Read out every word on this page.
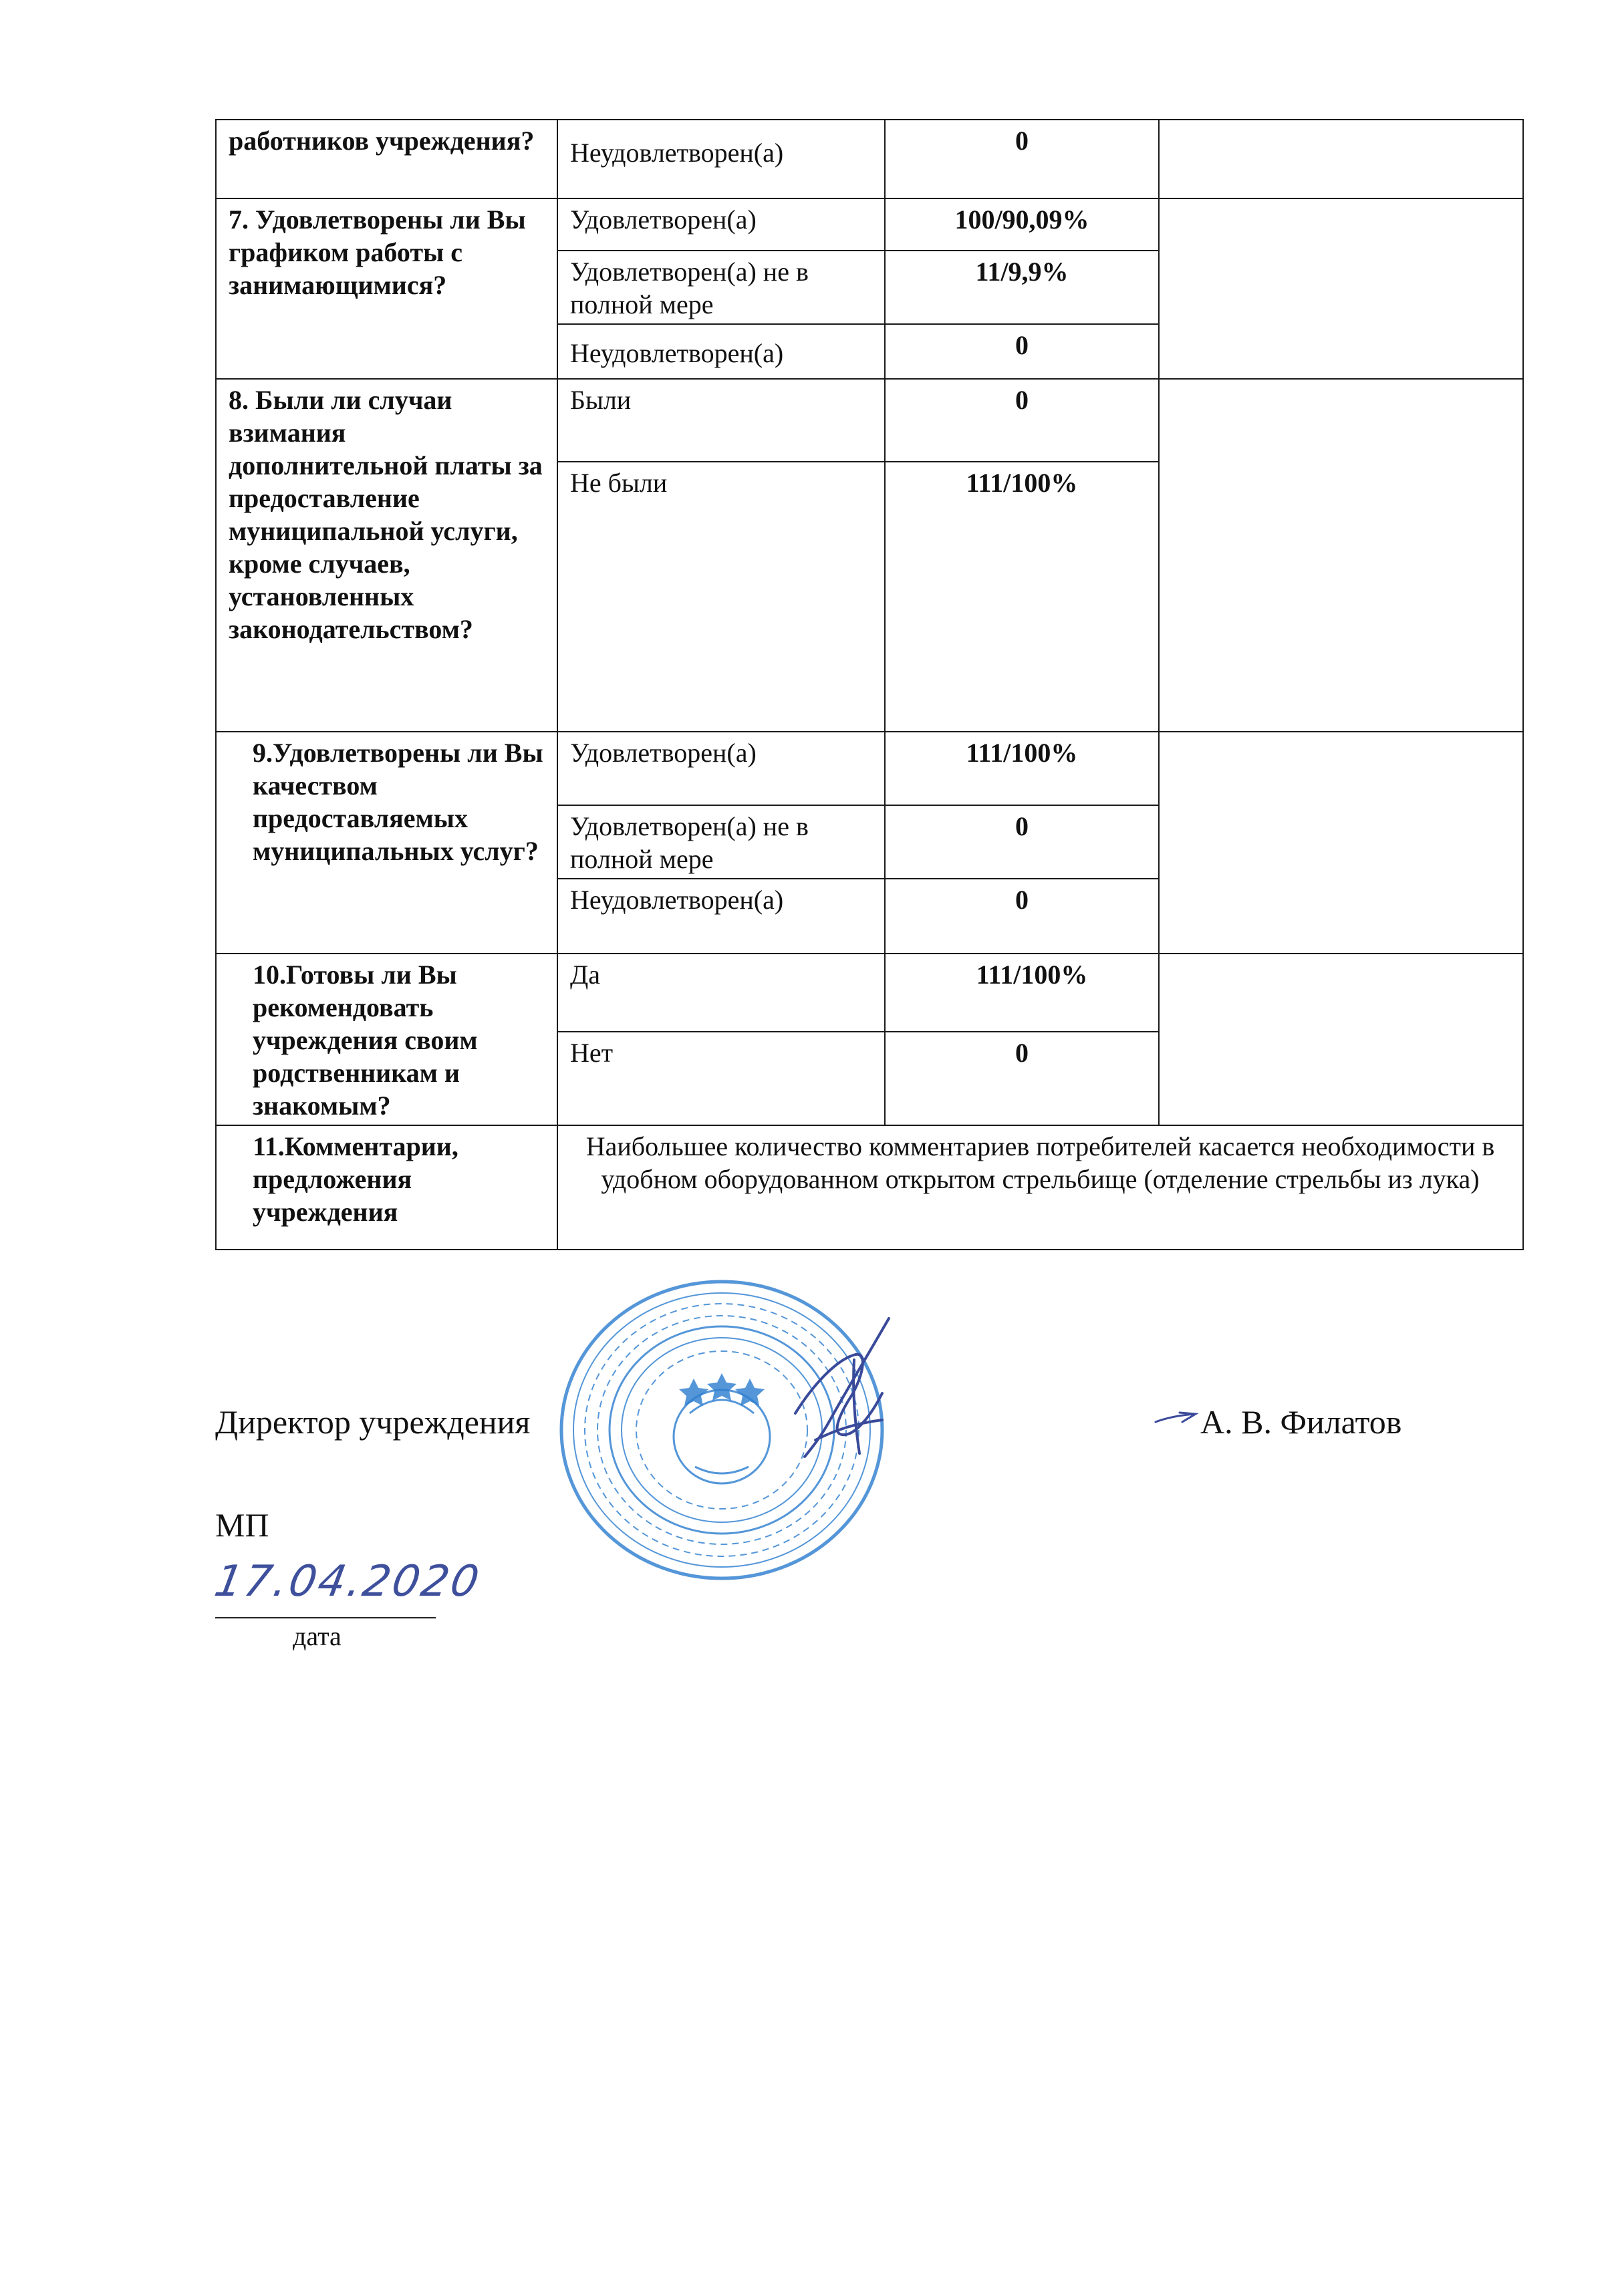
работников учреждения?	Неудовлетворен(а)	0	
7. Удовлетворены ли Вы графиком работы с занимающимися?	Удовлетворен(а)	100/90,09%	
	Удовлетворен(а) не в полной мере	11/9,9%	
	Неудовлетворен(а)	0	
8. Были ли случаи взимания дополнительной платы за предоставление муниципальной услуги, кроме случаев, установленных законодательством?	Были	0	
	Не были	111/100%	
9.Удовлетворены ли Вы качеством предоставляемых муниципальных услуг?	Удовлетворен(а)	111/100%	
	Удовлетворен(а) не в полной мере	0	
	Неудовлетворен(а)	0	
10.Готовы ли Вы рекомендовать учреждения своим родственникам и знакомым?	Да	111/100%	
	Нет	0	
11.Комментарии, предложения учреждения	Наибольшее количество комментариев потребителей касается необходимости в удобном оборудованном открытом стрельбище (отделение стрельбы из лука)		
Директор учреждения	А. В. Филатов
МП
17.04.2020
дата
